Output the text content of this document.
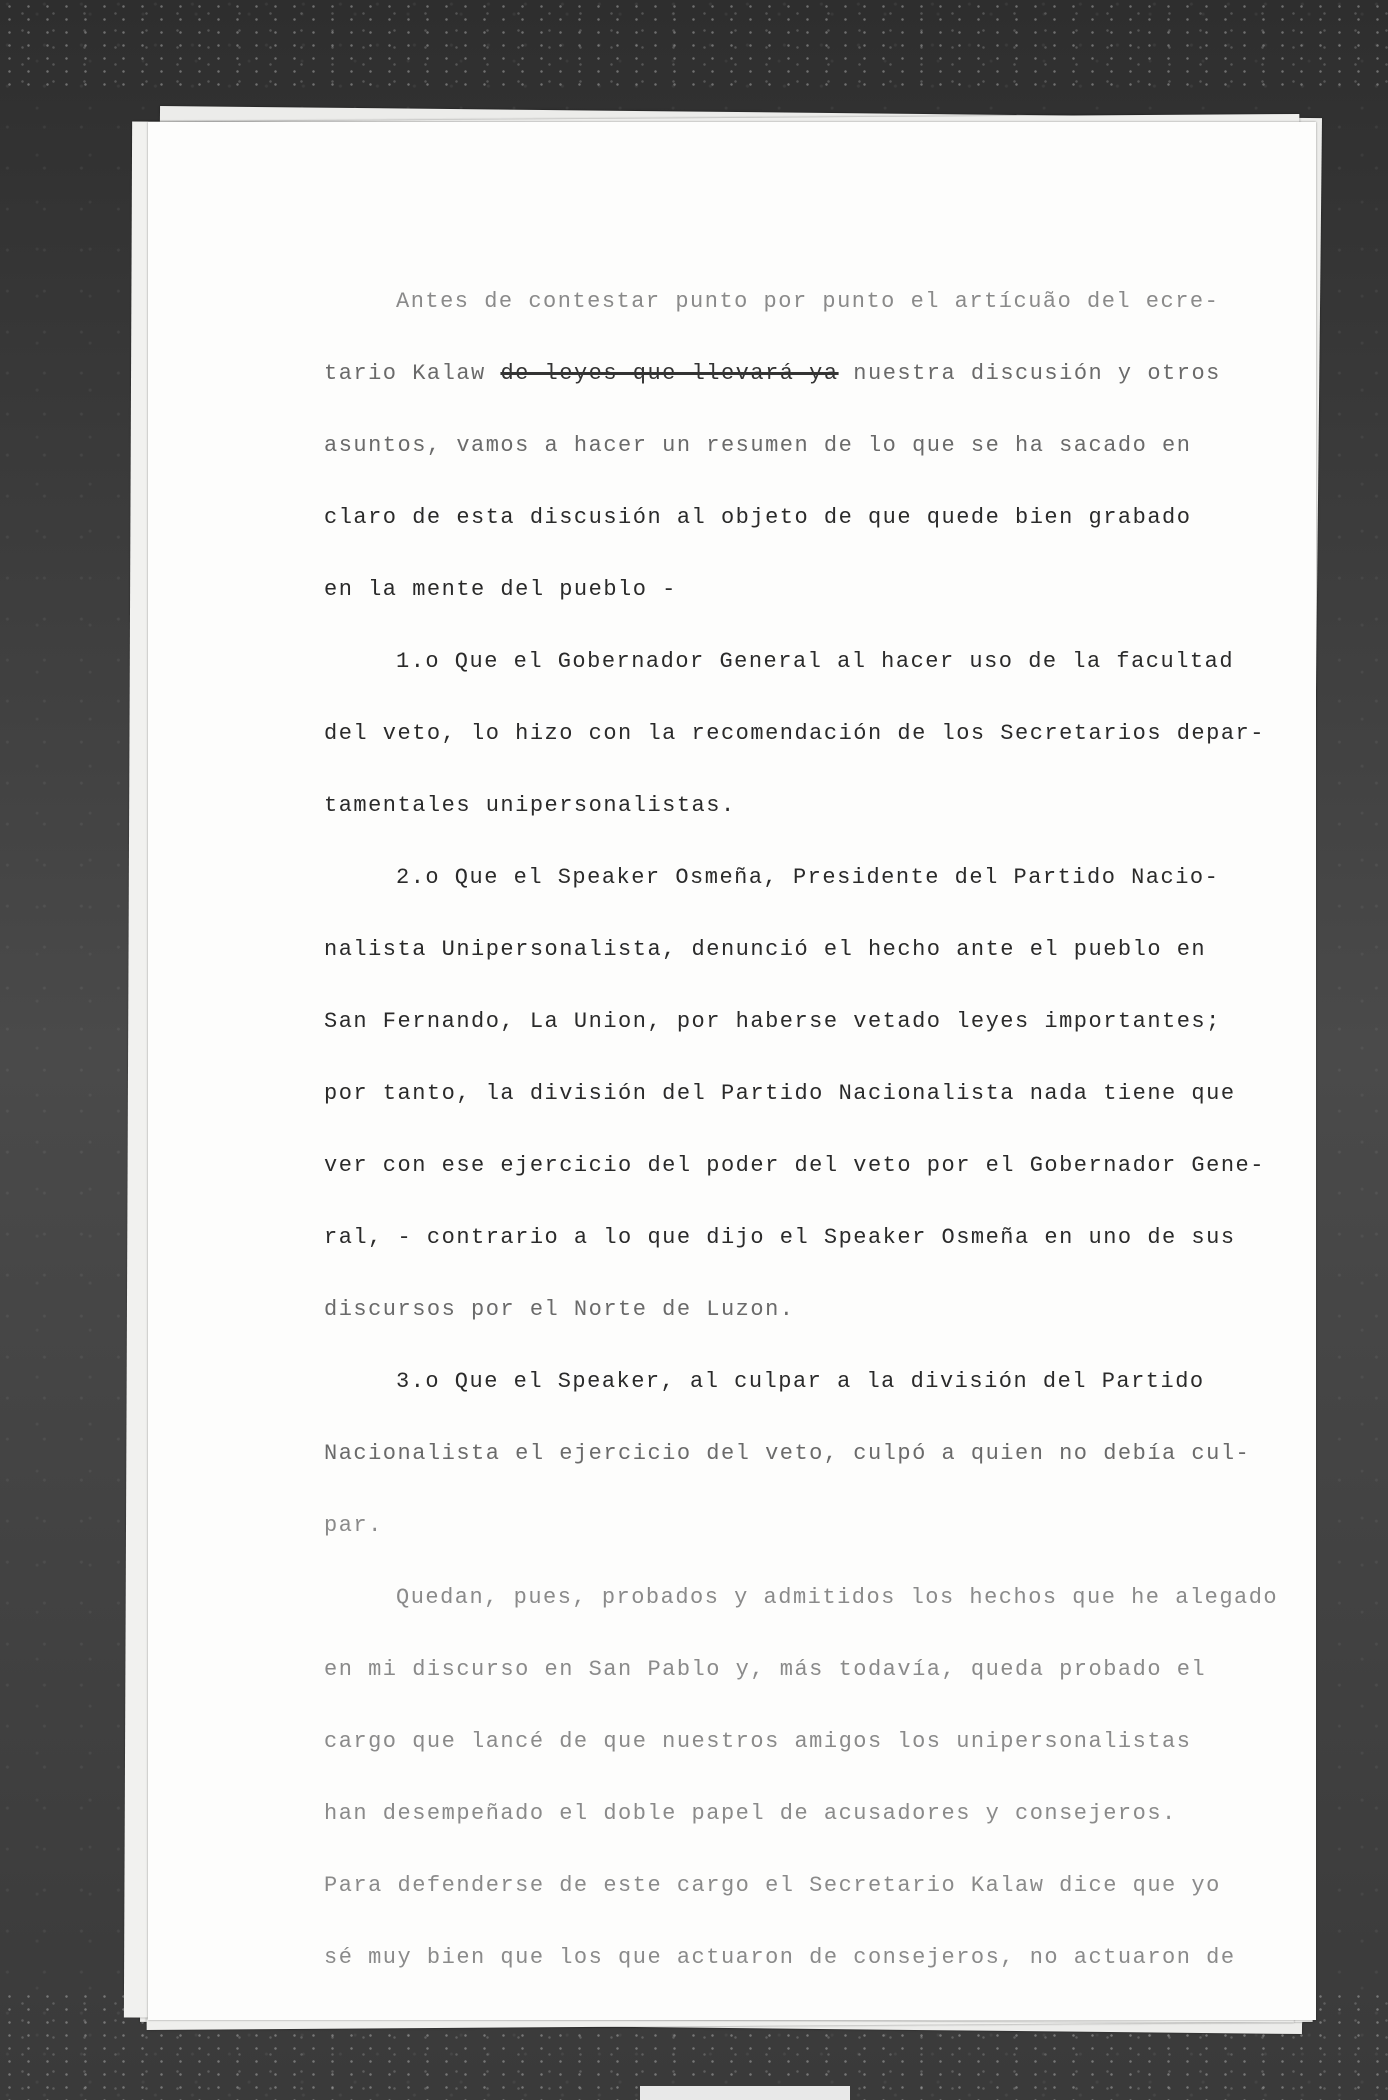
Antes de contestar punto por punto el artícuão del ecre-
tario Kalaw de leyes que llevará ya nuestra discusión y otros
asuntos, vamos a hacer un resumen de lo que se ha sacado en
claro de esta discusión al objeto de que quede bien grabado
en la mente del pueblo -
1.o Que el Gobernador General al hacer uso de la facultad
del veto, lo hizo con la recomendación de los Secretarios depar-
tamentales unipersonalistas.
2.o Que el Speaker Osmeña, Presidente del Partido Nacio-
nalista Unipersonalista, denunció el hecho ante el pueblo en
San Fernando, La Union, por haberse vetado leyes importantes;
por tanto, la división del Partido Nacionalista nada tiene que
ver con ese ejercicio del poder del veto por el Gobernador Gene-
ral, - contrario a lo que dijo el Speaker Osmeña en uno de sus
discursos por el Norte de Luzon.
3.o Que el Speaker, al culpar a la división del Partido
Nacionalista el ejercicio del veto, culpó a quien no debía cul-
par.
Quedan, pues, probados y admitidos los hechos que he alegado
en mi discurso en San Pablo y, más todavía, queda probado el
cargo que lancé de que nuestros amigos los unipersonalistas
han desempeñado el doble papel de acusadores y consejeros.
Para defenderse de este cargo el Secretario Kalaw dice que yo
sé muy bien que los que actuaron de consejeros, no actuaron de
